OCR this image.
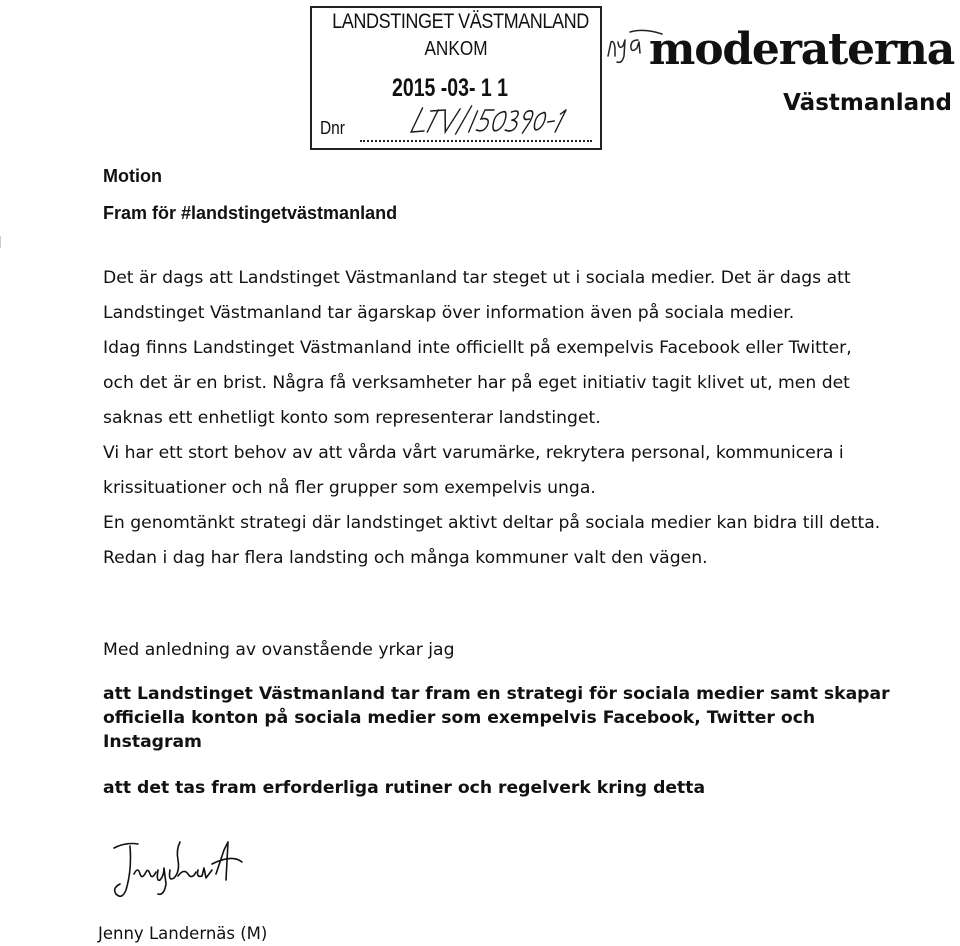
LANDSTINGET VÄSTMANLAND
ANKOM
2015 -03- 1 1
Dnr
moderaterna
Västmanland
Motion
Fram för #landstingetvästmanland
Det är dags att Landstinget Västmanland tar steget ut i sociala medier. Det är dags att
Landstinget Västmanland tar ägarskap över information även på sociala medier.
Idag finns Landstinget Västmanland inte officiellt på exempelvis Facebook eller Twitter,
och det är en brist. Några få verksamheter har på eget initiativ tagit klivet ut, men det
saknas ett enhetligt konto som representerar landstinget.
Vi har ett stort behov av att vårda vårt varumärke, rekrytera personal, kommunicera i
krissituationer och nå fler grupper som exempelvis unga.
En genomtänkt strategi där landstinget aktivt deltar på sociala medier kan bidra till detta.
Redan i dag har flera landsting och många kommuner valt den vägen.
Med anledning av ovanstående yrkar jag
att Landstinget Västmanland tar fram en strategi för sociala medier samt skapar
officiella konton på sociala medier som exempelvis Facebook, Twitter och
Instagram
att det tas fram erforderliga rutiner och regelverk kring detta
Jenny Landernäs (M)
